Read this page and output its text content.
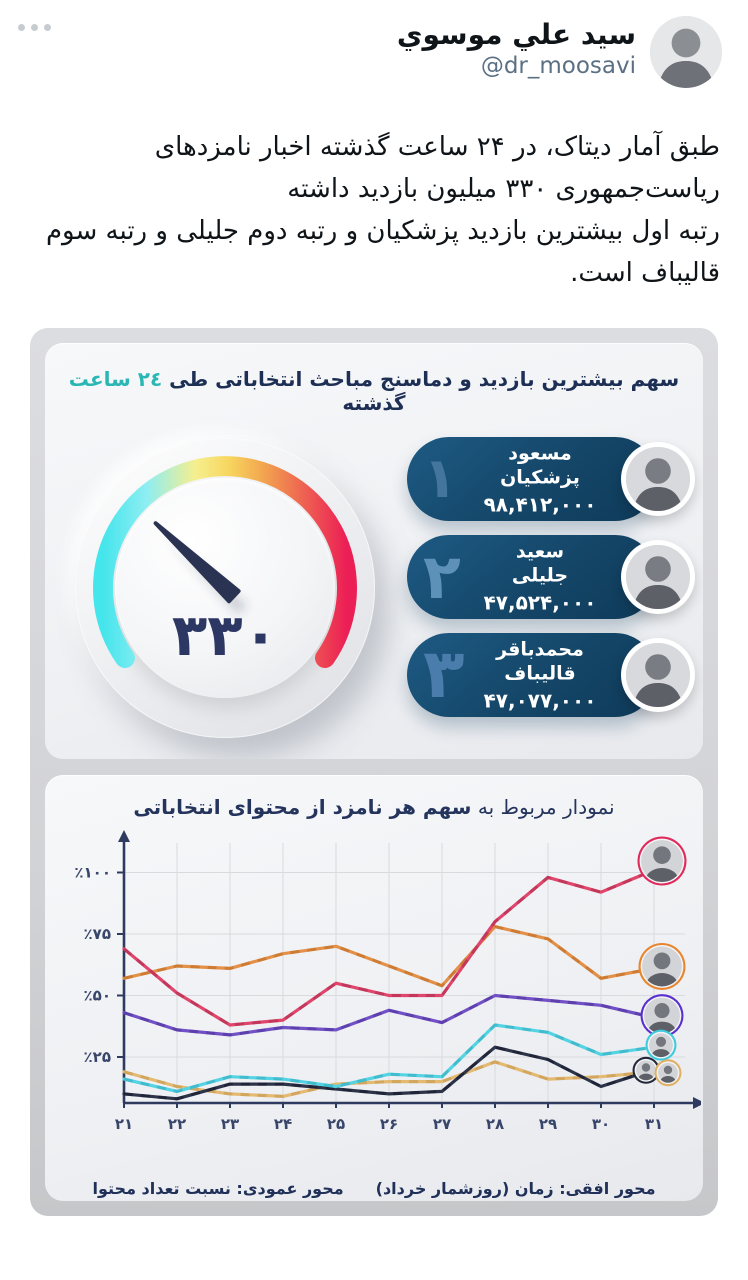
سید علي موسوي
@dr_moosavi

طبق آمار دیتاک، در ۲۴ ساعت گذشته اخبار نامزدهای ریاست‌جمهوری ۳۳۰ میلیون بازدید داشته

رتبه اول بیشترین بازدید پزشکیان و رتبه دوم جلیلی و رتبه سوم قالیباف است.

سهم بیشترین بازدید و دماسنج مباحث انتخاباتی طی ٢٤ ساعت گذشته
۳۳۰
۱	مسعود
پزشکیان
۹۸,۴۱۲,۰۰۰
۲	سعید
جلیلی
۴۷,۵۲۴,۰۰۰
۳	محمدباقر
قالیباف
۴۷,۰۷۷,۰۰۰
نمودار مربوط به سهم هر نامزد از محتوای انتخاباتی
۲۱ ۲۲ ۲۳ ۲۴ ۲۵ ۲۶ ۲۷ ۲۸ ۲۹ ۳۰ ۳۱
٪۲۵
٪۵۰
٪۷۵
٪۱۰۰
محور افقی: زمان (روزشمار خرداد)
محور عمودی: نسبت تعداد محتوا
